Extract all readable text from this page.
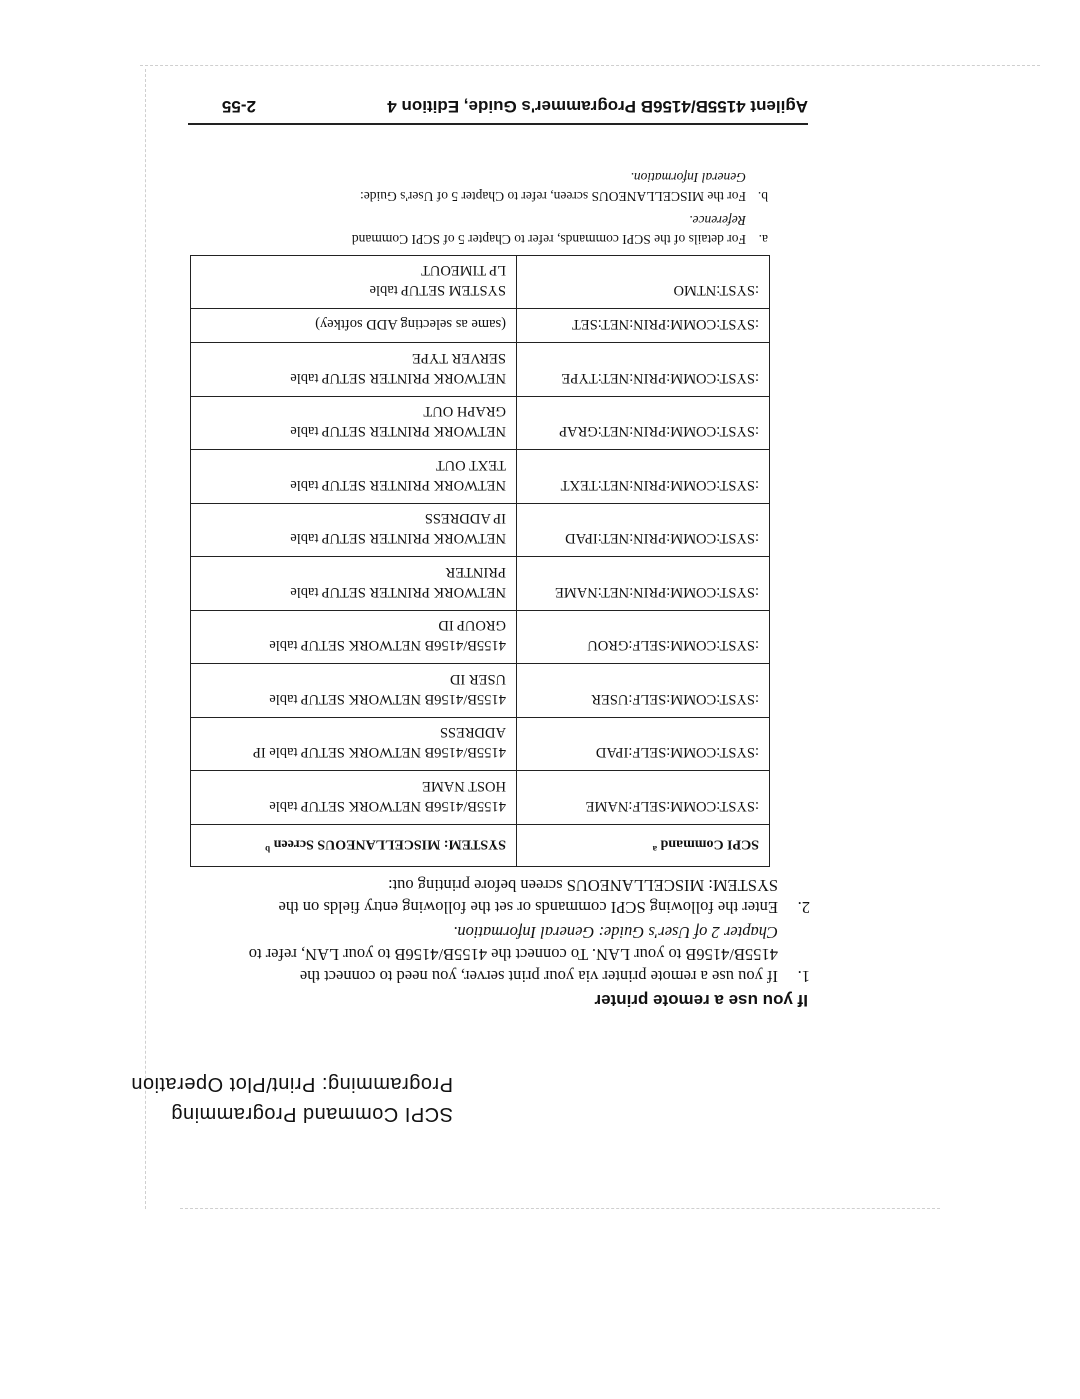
SCPI Command Programming
Programming: Print/Plot Operation
If you use a remote printer
1.
If you use a remote printer via your print server, you need to connect the
4155B/4156B to your LAN. To connect the 4155B/4156B to your LAN, refer to
Chapter 2 of User's Guide: General Information.
2.
Enter the following SCPI commands or set the following entry fields on the
SYSTEM: MISCELLANEOUS screen before printing out:
SCPI Command $^a$	SYSTEM: MISCELLANEOUS Screen $^b$
:SYST:COMM:SELF:NAME	4155B/4156B NETWORK SETUP table
HOST NAME

:SYST:COMM:SELF:IPAD	4155B/4156B NETWORK SETUP table IP
ADDRESS

:SYST:COMM:SELF:USER	4155B/4156B NETWORK SETUP table
USER ID

:SYST:COMM:SELF:GROU	4155B/4156B NETWORK SETUP table
GROUP ID

:SYST:COMM:PRIN:NET:NAME	NETWORK PRINTER SETUP table
PRINTER

:SYST:COMM:PRIN:NET:IPAD	NETWORK PRINTER SETUP table
IP ADDRESS

:SYST:COMM:PRIN:NET:TEXT	NETWORK PRINTER SETUP table
TEXT OUT

:SYST:COMM:PRIN:NET:GRAP	NETWORK PRINTER SETUP table
GRAPH OUT

:SYST:COMM:PRIN:NET:TYPE	NETWORK PRINTER SETUP table
SERVER TYPE

:SYST:COMM:PRIN:NET:SET	(same as selecting ADD softkey)

:SYST:NTMO	SYSTEM SETUP table
LP TIMEOUT
a.
For details of the SCPI commands, refer to Chapter 5 of SCPI Command
Reference.
b.
For the MISCELLANEOUS screen, refer to Chapter 5 of User's Guide:
General Information.
Agilent 4155B/4156B Programmer's Guide, Edition 4
2-55
